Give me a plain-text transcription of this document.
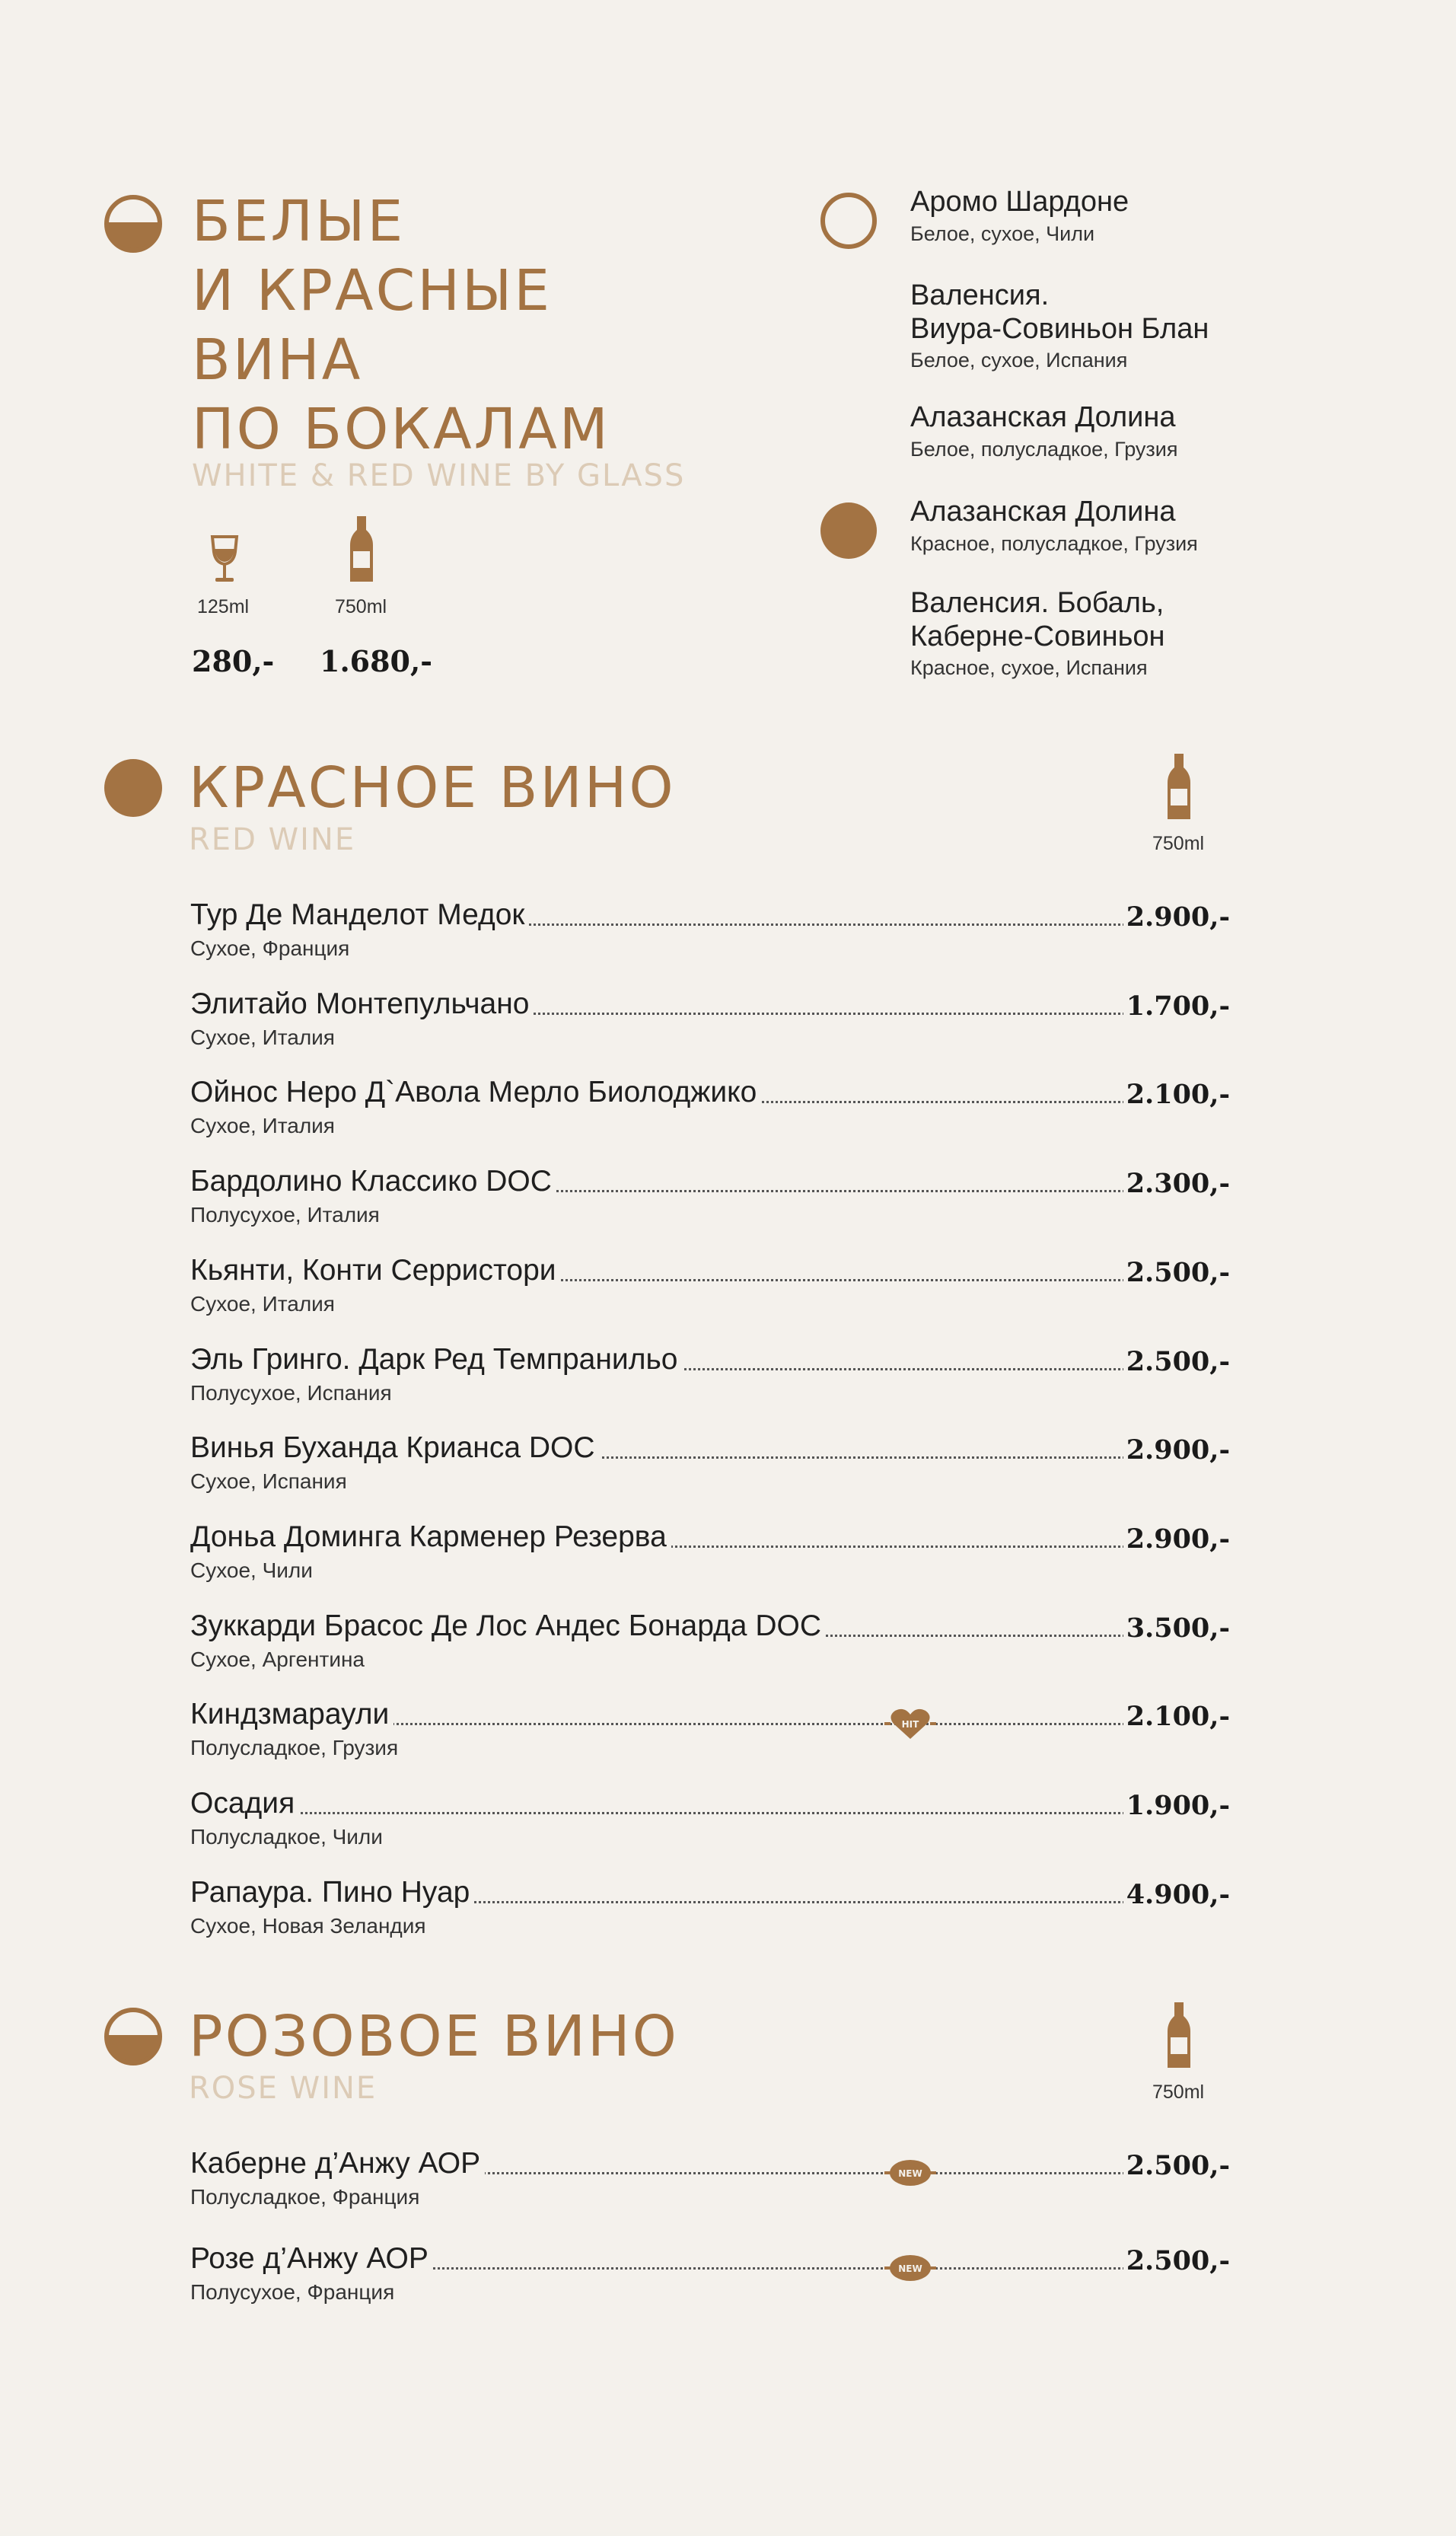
БЕЛЫЕ
И КРАСНЫЕ
ВИНА
ПО БОКАЛАМ
WHITE & RED WINE BY GLASS
125ml	750ml
280,- 1.680,-
Аромо Шардоне
Белое, сухое, Чили
Валенсия.
Виура-Совиньон Блан
Белое, сухое, Испания
Алазанская Долина
Белое, полусладкое, Грузия
Алазанская Долина
Красное, полусладкое, Грузия
Валенсия. Бобаль,
Каберне-Совиньон
Красное, сухое, Испания
КРАСНОЕ ВИНО
RED WINE	750ml
Тур Де Манделот Медок
Сухое, Франция
2.900,-
Элитайо Монтепульчано
Сухое, Италия
1.700,-
Ойнос Неро Д`Авола Мерло Биолоджико
Сухое, Италия
2.100,-
Бардолино Классико DOC
Полусухое, Италия
2.300,-
Кьянти, Конти Серристори
Сухое, Италия
2.500,-
Эль Гринго. Дарк Ред Темпранильо
Полусухое, Испания
2.500,-
Винья Буханда Крианса DOC
Сухое, Испания
2.900,-
Доньа Доминга Карменер Резерва
Сухое, Чили
2.900,-
Зуккарди Брасос Де Лос Андес Бонарда DOC
Сухое, Аргентина
3.500,-
Киндзмараули
Полусладкое, Грузия
2.100,-
HIT
Осадия
Полусладкое, Чили
1.900,-
Рапаура. Пино Нуар
Сухое, Новая Зеландия
4.900,-
РОЗОВОЕ ВИНО
ROSE WINE	750ml
Каберне д’Анжу АОР
Полусладкое, Франция
2.500,-
NEW
Розе д’Анжу АОР
Полусухое, Франция
2.500,-
NEW
